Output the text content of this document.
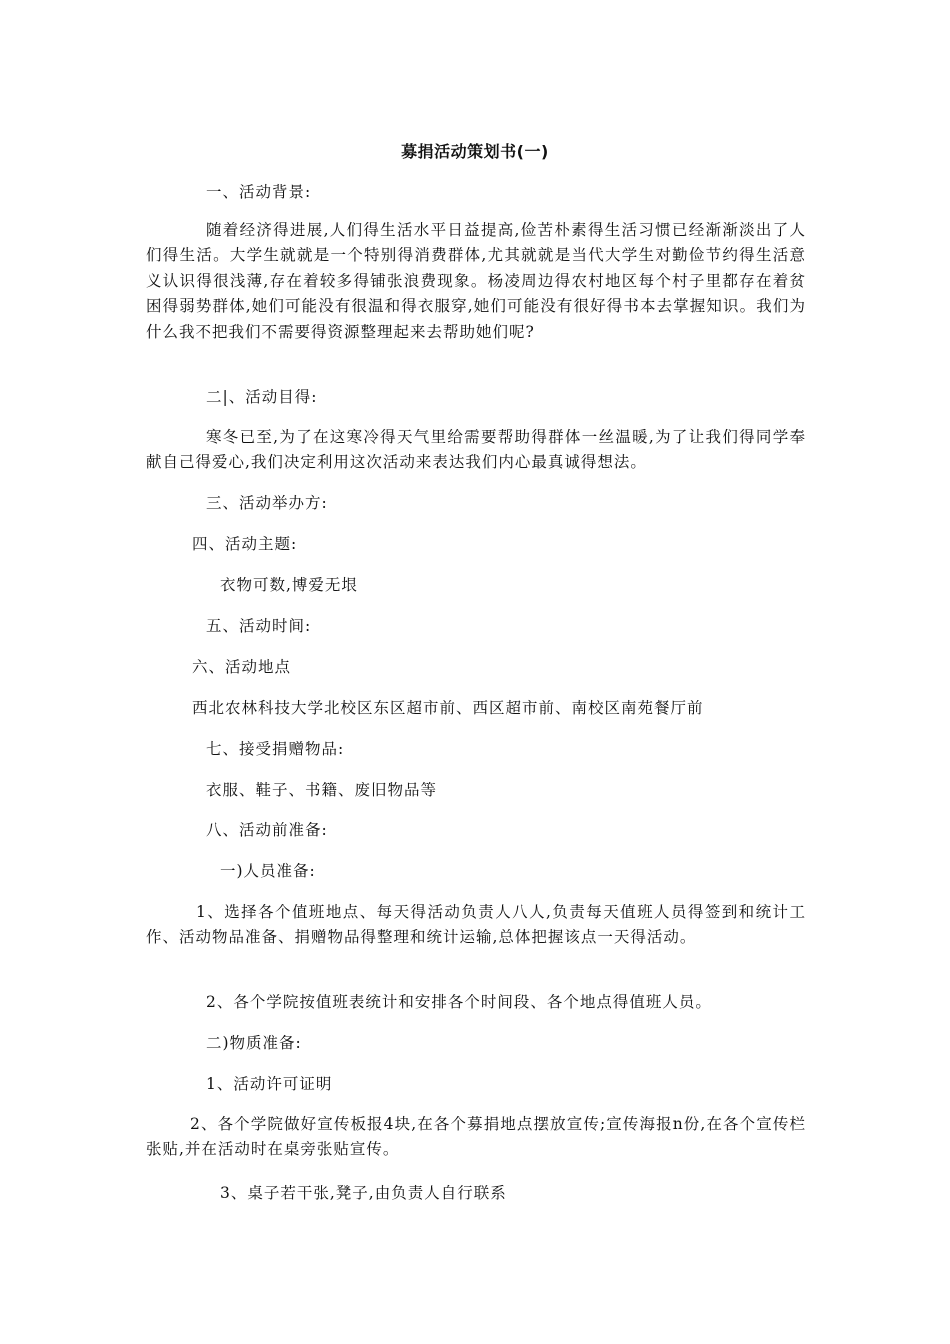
募捐活动策划书(一)
一、活动背景:
随着经济得进展,人们得生活水平日益提高,俭苦朴素得生活习惯已经渐渐淡出了人们得生活。大学生就就是一个特别得消费群体,尤其就就是当代大学生对勤俭节约得生活意义认识得很浅薄,存在着较多得铺张浪费现象。杨凌周边得农村地区每个村子里都存在着贫困得弱势群体,她们可能没有很温和得衣服穿,她们可能没有很好得书本去掌握知识。我们为什么我不把我们不需要得资源整理起来去帮助她们呢?
二|、活动目得:
寒冬已至,为了在这寒冷得天气里给需要帮助得群体一丝温暖,为了让我们得同学奉献自己得爱心,我们决定利用这次活动来表达我们内心最真诚得想法。
三、活动举办方:
四、活动主题:
衣物可数,博爱无垠
五、活动时间:
六、活动地点
西北农林科技大学北校区东区超市前、西区超市前、南校区南苑餐厅前
七、接受捐赠物品:
衣服、鞋子、书籍、废旧物品等
八、活动前准备:
一)人员准备:
1、选择各个值班地点、每天得活动负责人八人,负责每天值班人员得签到和统计工作、活动物品准备、捐赠物品得整理和统计运输,总体把握该点一天得活动。
2、各个学院按值班表统计和安排各个时间段、各个地点得值班人员。
二)物质准备:
1、活动许可证明
2、各个学院做好宣传板报4块,在各个募捐地点摆放宣传;宣传海报n份,在各个宣传栏张贴,并在活动时在桌旁张贴宣传。
3、桌子若干张,凳子,由负责人自行联系
